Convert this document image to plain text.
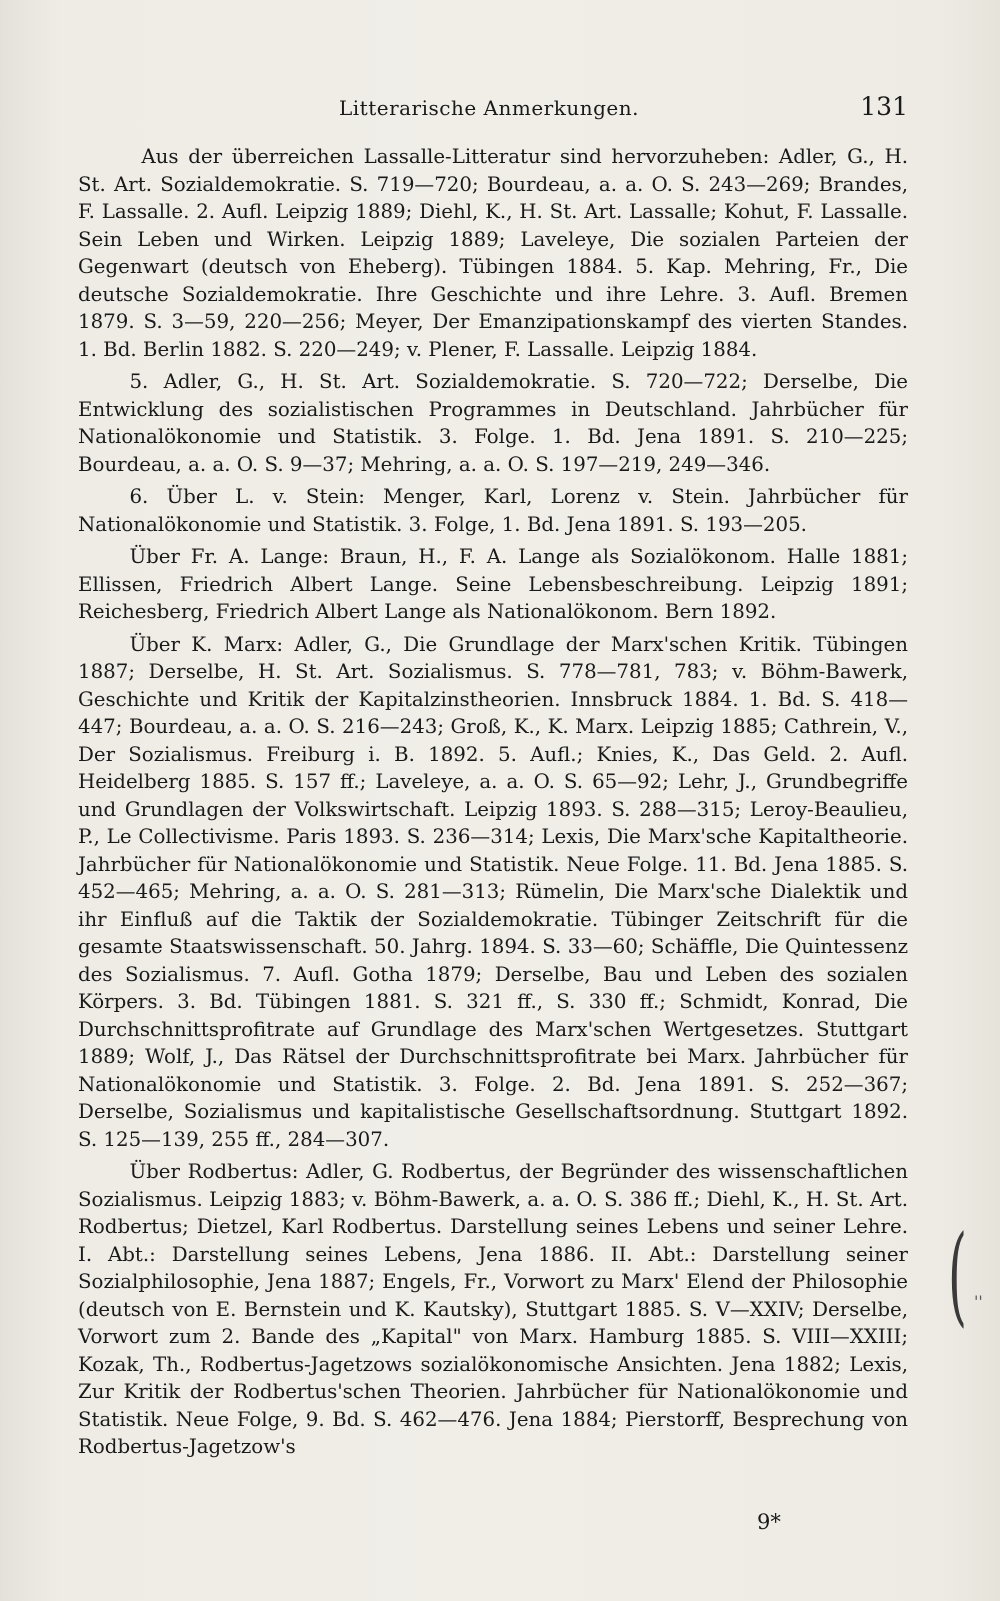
Litterarische Anmerkungen.	131

Aus der überreichen Lassalle-Litteratur sind hervorzuheben: Adler, G., H. St. Art. Sozialdemokratie. S. 719—720; Bourdeau, a. a. O. S. 243—269; Brandes, F. Lassalle. 2. Aufl. Leipzig 1889; Diehl, K., H. St. Art. Lassalle; Kohut, F. Lassalle. Sein Leben und Wirken. Leipzig 1889; Laveleye, Die sozialen Parteien der Gegenwart (deutsch von Eheberg). Tübingen 1884. 5. Kap. Mehring, Fr., Die deutsche Sozialdemokratie. Ihre Geschichte und ihre Lehre. 3. Aufl. Bremen 1879. S. 3—59, 220—256; Meyer, Der Emanzipationskampf des vierten Standes. 1. Bd. Berlin 1882. S. 220—249; v. Plener, F. Lassalle. Leipzig 1884.

5. Adler, G., H. St. Art. Sozialdemokratie. S. 720—722; Derselbe, Die Entwicklung des sozialistischen Programmes in Deutschland. Jahrbücher für Nationalökonomie und Statistik. 3. Folge. 1. Bd. Jena 1891. S. 210—225; Bourdeau, a. a. O. S. 9—37; Mehring, a. a. O. S. 197—219, 249—346.

6. Über L. v. Stein: Menger, Karl, Lorenz v. Stein. Jahrbücher für Nationalökonomie und Statistik. 3. Folge, 1. Bd. Jena 1891. S. 193—205.

Über Fr. A. Lange: Braun, H., F. A. Lange als Sozialökonom. Halle 1881; Ellissen, Friedrich Albert Lange. Seine Lebensbeschreibung. Leipzig 1891; Reichesberg, Friedrich Albert Lange als Nationalökonom. Bern 1892.

Über K. Marx: Adler, G., Die Grundlage der Marx'schen Kritik. Tübingen 1887; Derselbe, H. St. Art. Sozialismus. S. 778—781, 783; v. Böhm-Bawerk, Geschichte und Kritik der Kapitalzinstheorien. Innsbruck 1884. 1. Bd. S. 418—447; Bourdeau, a. a. O. S. 216—243; Groß, K., K. Marx. Leipzig 1885; Cathrein, V., Der Sozialismus. Freiburg i. B. 1892. 5. Aufl.; Knies, K., Das Geld. 2. Aufl. Heidelberg 1885. S. 157 ff.; Laveleye, a. a. O. S. 65—92; Lehr, J., Grundbegriffe und Grundlagen der Volkswirtschaft. Leipzig 1893. S. 288—315; Leroy-Beaulieu, P., Le Collectivisme. Paris 1893. S. 236—314; Lexis, Die Marx'sche Kapitaltheorie. Jahrbücher für Nationalökonomie und Statistik. Neue Folge. 11. Bd. Jena 1885. S. 452—465; Mehring, a. a. O. S. 281—313; Rümelin, Die Marx'sche Dialektik und ihr Einfluß auf die Taktik der Sozialdemokratie. Tübinger Zeitschrift für die gesamte Staatswissenschaft. 50. Jahrg. 1894. S. 33—60; Schäffle, Die Quintessenz des Sozialismus. 7. Aufl. Gotha 1879; Derselbe, Bau und Leben des sozialen Körpers. 3. Bd. Tübingen 1881. S. 321 ff., S. 330 ff.; Schmidt, Konrad, Die Durchschnittsprofitrate auf Grundlage des Marx'schen Wertgesetzes. Stuttgart 1889; Wolf, J., Das Rätsel der Durchschnittsprofitrate bei Marx. Jahrbücher für Nationalökonomie und Statistik. 3. Folge. 2. Bd. Jena 1891. S. 252—367; Derselbe, Sozialismus und kapitalistische Gesellschaftsordnung. Stuttgart 1892. S. 125—139, 255 ff., 284—307.

Über Rodbertus: Adler, G. Rodbertus, der Begründer des wissenschaftlichen Sozialismus. Leipzig 1883; v. Böhm-Bawerk, a. a. O. S. 386 ff.; Diehl, K., H. St. Art. Rodbertus; Dietzel, Karl Rodbertus. Darstellung seines Lebens und seiner Lehre. I. Abt.: Darstellung seines Lebens, Jena 1886. II. Abt.: Darstellung seiner Sozialphilosophie, Jena 1887; Engels, Fr., Vorwort zu Marx' Elend der Philosophie (deutsch von E. Bernstein und K. Kautsky), Stuttgart 1885. S. V—XXIV; Derselbe, Vorwort zum 2. Bande des „Kapital" von Marx. Hamburg 1885. S. VIII—XXIII; Kozak, Th., Rodbertus-Jagetzows sozialökonomische Ansichten. Jena 1882; Lexis, Zur Kritik der Rodbertus'schen Theorien. Jahrbücher für Nationalökonomie und Statistik. Neue Folge, 9. Bd. S. 462—476. Jena 1884; Pierstorff, Besprechung von Rodbertus-Jagetzow's

( ''
9*
